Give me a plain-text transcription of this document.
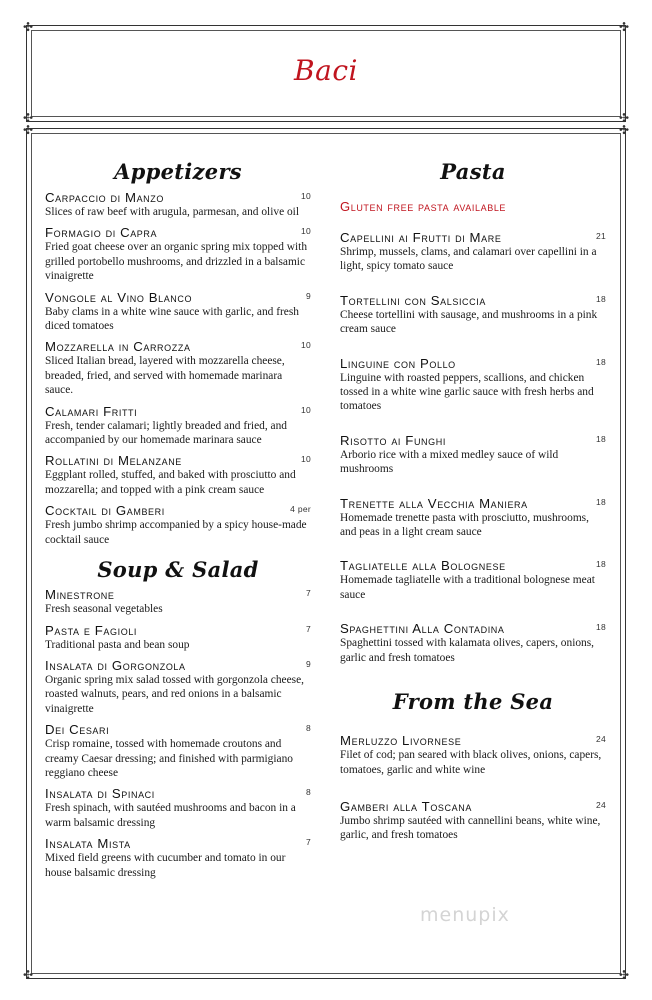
✣	✣
✣	✣
Baci
✣	✣
✣	✣
Appetizers
Carpaccio di Manzo	10
Slices of raw beef with arugula, parmesan, and olive oil
Formagio di Capra	10
Fried goat cheese over an organic spring mix topped with grilled portobello mushrooms, and drizzled in a balsamic vinaigrette
Vongole al Vino Blanco	9
Baby clams in a white wine sauce with garlic, and fresh diced tomatoes
Mozzarella in Carrozza	10
Sliced Italian bread, layered with mozzarella cheese, breaded, fried, and served with homemade marinara sauce.
Calamari Fritti	10
Fresh, tender calamari; lightly breaded and fried, and accompanied by our homemade marinara sauce
Rollatini di Melanzane	10
Eggplant rolled, stuffed, and baked with prosciutto and mozzarella; and topped with a pink cream sauce
Cocktail di Gamberi	4 per
Fresh jumbo shrimp accompanied by a spicy house-made cocktail sauce
Soup & Salad
Minestrone	7
Fresh seasonal vegetables
Pasta e Fagioli	7
Traditional pasta and bean soup
Insalata di Gorgonzola	9
Organic spring mix salad tossed with gorgonzola cheese, roasted walnuts, pears, and red onions in a balsamic vinaigrette
Dei Cesari	8
Crisp romaine, tossed with homemade croutons and creamy Caesar dressing; and finished with parmigiano reggiano cheese
Insalata di Spinaci	8
Fresh spinach, with sautéed mushrooms and bacon in a warm balsamic dressing
Insalata Mista	7
Mixed field greens with cucumber and tomato in our house balsamic dressing
Pasta
Gluten free pasta available
Capellini ai Frutti di Mare	21
Shrimp, mussels, clams, and calamari over capellini in a light, spicy tomato sauce
Tortellini con Salsiccia	18
Cheese tortellini with sausage, and mushrooms in a pink cream sauce
Linguine con Pollo	18
Linguine with roasted peppers, scallions, and chicken tossed in a white wine garlic sauce with fresh herbs and tomatoes
Risotto ai Funghi	18
Arborio rice with a mixed medley sauce of wild mushrooms
Trenette alla Vecchia Maniera	18
Homemade trenette pasta with prosciutto, mushrooms, and peas in a light cream sauce
Tagliatelle alla Bolognese	18
Homemade tagliatelle with a traditional bolognese meat sauce
Spaghettini Alla Contadina	18
Spaghettini tossed with kalamata olives, capers, onions, garlic and fresh tomatoes
From the Sea
Merluzzo Livornese	24
Filet of cod; pan seared with black olives, onions, capers, tomatoes, garlic and white wine
Gamberi alla Toscana	24
Jumbo shrimp sautéed with cannellini beans, white wine, garlic, and fresh tomatoes
menupix
